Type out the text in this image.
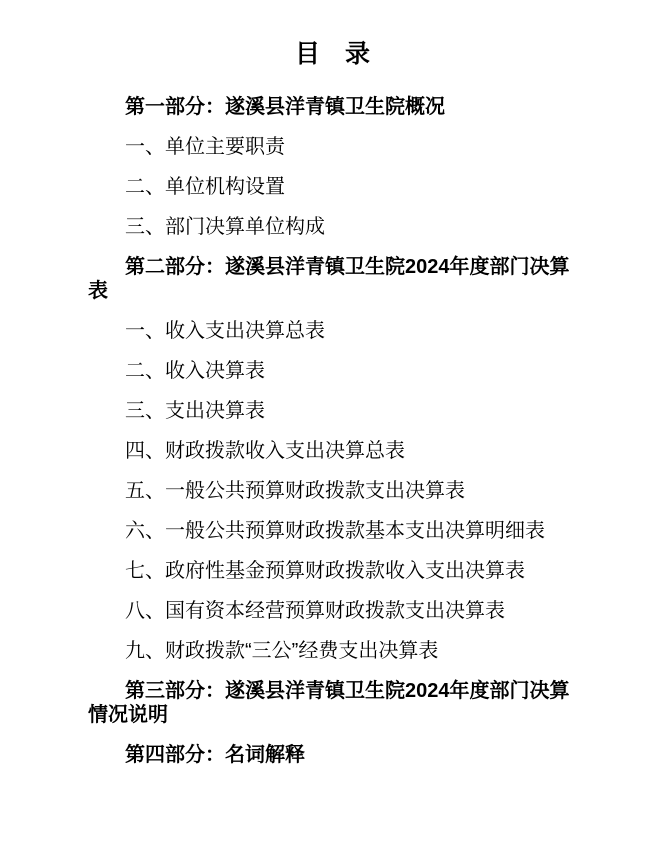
目　录

第一部分：遂溪县洋青镇卫生院概况

一、单位主要职责

二、单位机构设置

三、部门决算单位构成

第二部分：遂溪县洋青镇卫生院2024年度部门决算表

一、收入支出决算总表

二、收入决算表

三、支出决算表

四、财政拨款收入支出决算总表

五、一般公共预算财政拨款支出决算表

六、一般公共预算财政拨款基本支出决算明细表

七、政府性基金预算财政拨款收入支出决算表

八、国有资本经营预算财政拨款支出决算表

九、财政拨款“三公”经费支出决算表

第三部分：遂溪县洋青镇卫生院2024年度部门决算情况说明

第四部分：名词解释
